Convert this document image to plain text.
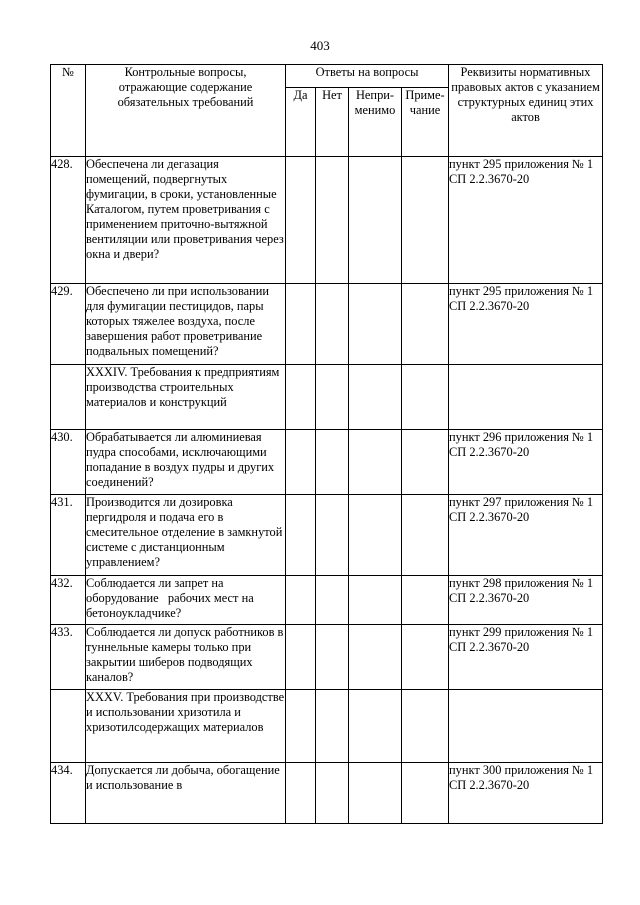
403
№	Контрольные вопросы, отражающие содержание обязательных требований	Ответы на вопросы				Реквизиты нормативных правовых актов с указанием структурных единиц этих актов
		Да	Нет	Непри-менимо	Приме-чание	
428.	Обеспечена ли дегазация помещений, подвергнутых фумигации, в сроки, установленные Каталогом, путем проветривания с применением приточно-вытяжной вентиляции или проветривания через окна и двери?					пункт 295 приложения № 1 СП 2.2.3670-20
429.	Обеспечено ли при использовании для фумигации пестицидов, пары которых тяжелее воздуха, после завершения работ проветривание подвальных помещений?					пункт 295 приложения № 1 СП 2.2.3670-20
	XXXIV. Требования к предприятиям производства строительных материалов и конструкций					
430.	Обрабатывается ли алюминиевая пудра способами, исключающими попадание в воздух пудры и других соединений?					пункт 296 приложения № 1 СП 2.2.3670-20
431.	Производится ли дозировка пергидроля и подача его в смесительное отделение в замкнутой системе с дистанционным управлением?					пункт 297 приложения № 1 СП 2.2.3670-20
432.	Соблюдается ли запрет на оборудование   рабочих мест на бетоноукладчике?					пункт 298 приложения № 1 СП 2.2.3670-20
433.	Соблюдается ли допуск работников в туннельные камеры только при закрытии шиберов подводящих каналов?					пункт 299 приложения № 1 СП 2.2.3670-20
	XXXV. Требования при производстве и использовании хризотила и хризотилсодержащих материалов					
434.	Допускается ли добыча, обогащение и использование в					пункт 300 приложения № 1 СП 2.2.3670-20
